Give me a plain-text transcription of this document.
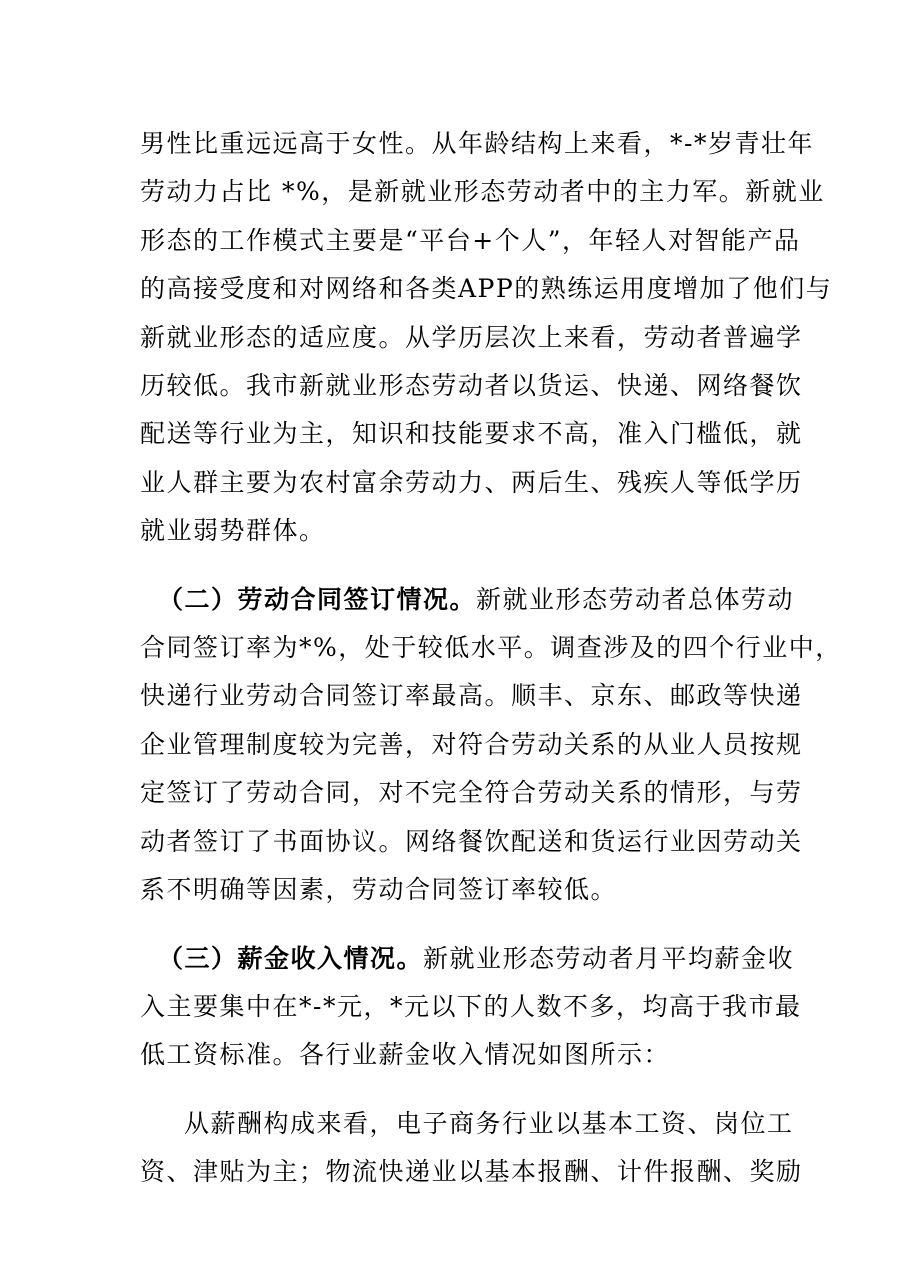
男性比重远远高于女性。从年龄结构上来看，*-*岁青壮年
劳动力占比 *%，是新就业形态劳动者中的主力军。新就业
形态的工作模式主要是“平台+个人”，年轻人对智能产品
的高接受度和对网络和各类APP的熟练运用度增加了他们与
新就业形态的适应度。从学历层次上来看，劳动者普遍学
历较低。我市新就业形态劳动者以货运、快递、网络餐饮
配送等行业为主，知识和技能要求不高，准入门槛低，就
业人群主要为农村富余劳动力、两后生、残疾人等低学历
就业弱势群体。

（二）劳动合同签订情况。新就业形态劳动者总体劳动
合同签订率为*%，处于较低水平。调查涉及的四个行业中，
快递行业劳动合同签订率最高。顺丰、京东、邮政等快递
企业管理制度较为完善，对符合劳动关系的从业人员按规
定签订了劳动合同，对不完全符合劳动关系的情形，与劳
动者签订了书面协议。网络餐饮配送和货运行业因劳动关
系不明确等因素，劳动合同签订率较低。

（三）薪金收入情况。新就业形态劳动者月平均薪金收
入主要集中在*-*元，*元以下的人数不多，均高于我市最
低工资标准。各行业薪金收入情况如图所示：

从薪酬构成来看，电子商务行业以基本工资、岗位工
资、津贴为主；物流快递业以基本报酬、计件报酬、奖励
